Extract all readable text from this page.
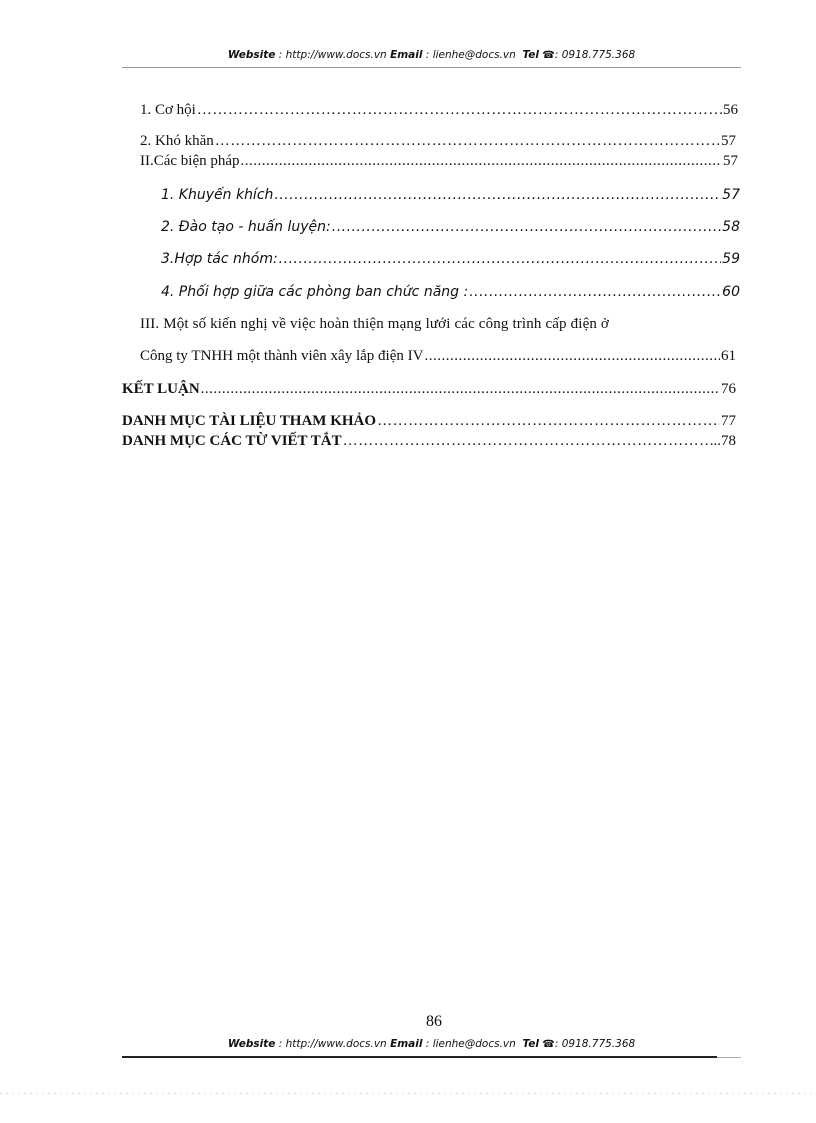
Website : http://www.docs.vn Email : lienhe@docs.vn Tel ☎: 0918.775.368
1. Cơ hội ……………………………………………………………………………………………………………………………………………………………	.56
2. Khó khăn ……………………………………………………………………………………………………………………………………………………………	57
II.Các biện pháp .....	57
1. Khuyến khích .....	57
2. Đào tạo - huấn luyện: .....	58
3.Hợp tác nhóm: .....	59
4. Phối hợp giữa các phòng ban chức năng : .....	60
III. Một số kiến nghị về việc hoàn thiện mạng lưới các công trình cấp điện ở
Công ty TNHH một thành viên xây lắp điện IV .....	61
KẾT LUẬN .....	76
DANH MỤC TÀI LIỆU THAM KHẢO ……………………………………………………………………………………………………………………………………………………………	77
DANH MỤC CÁC TỪ VIẾT TẮT ……………………………………………………………………………………………………………………………………………………………	...78
86
Website : http://www.docs.vn Email : lienhe@docs.vn Tel ☎: 0918.775.368
